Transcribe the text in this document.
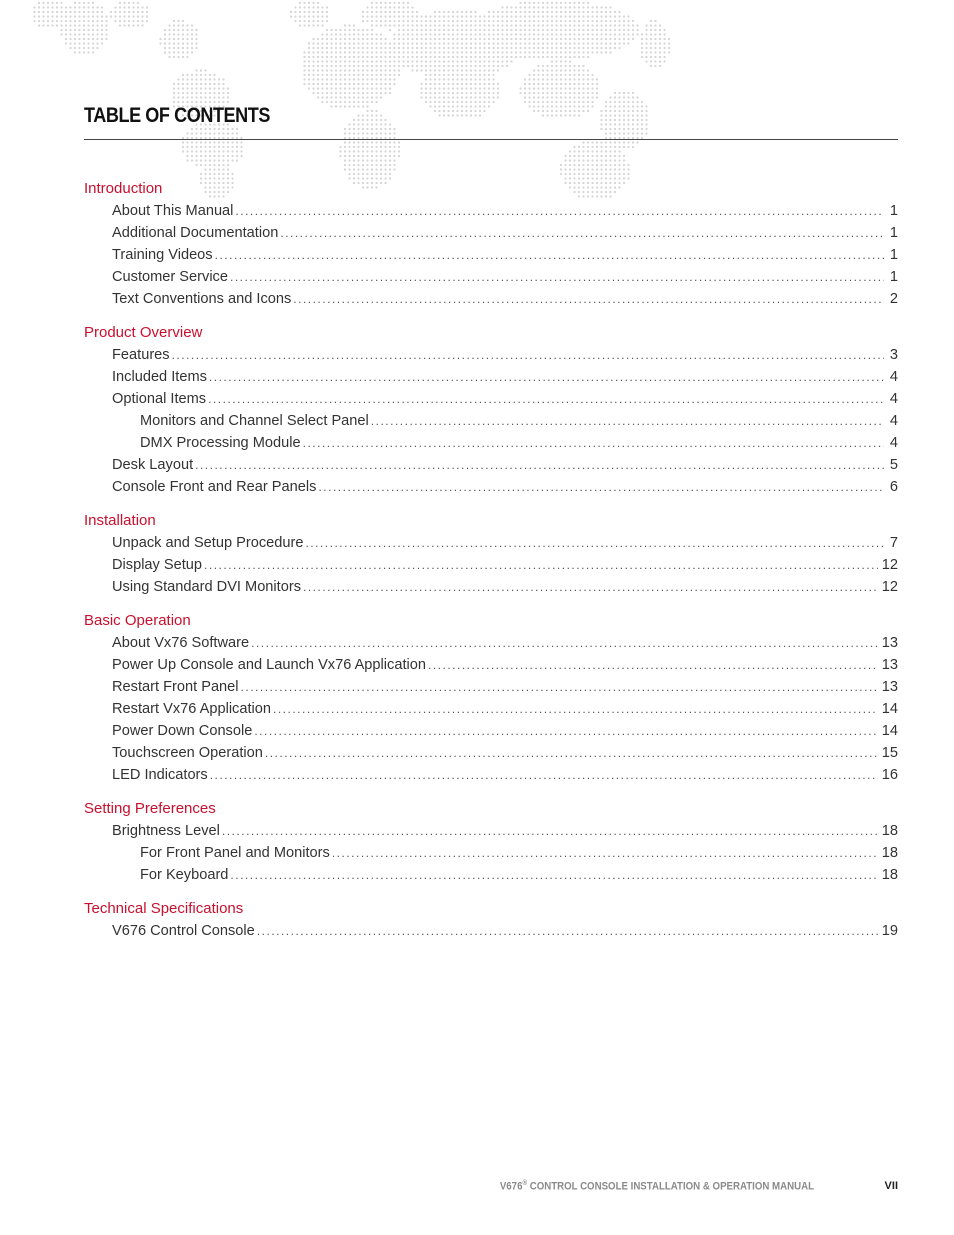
TABLE OF CONTENTS
Introduction
About This Manual .....	1
Additional Documentation .....	1
Training Videos .....	1
Customer Service .....	1
Text Conventions and Icons .....	2
Product Overview
Features .....	3
Included Items .....	4
Optional Items .....	4
Monitors and Channel Select Panel .....	4
DMX Processing Module .....	4
Desk Layout .....	5
Console Front and Rear Panels .....	6
Installation
Unpack and Setup Procedure .....	7
Display Setup .....	12
Using Standard DVI Monitors .....	12
Basic Operation
About Vx76 Software .....	13
Power Up Console and Launch Vx76 Application .....	13
Restart Front Panel .....	13
Restart Vx76 Application .....	14
Power Down Console .....	14
Touchscreen Operation .....	15
LED Indicators .....	16
Setting Preferences
Brightness Level .....	18
For Front Panel and Monitors .....	18
For Keyboard .....	18
Technical Specifications
V676 Control Console .....	19
V676® CONTROL CONSOLE INSTALLATION & OPERATION MANUAL	VII
